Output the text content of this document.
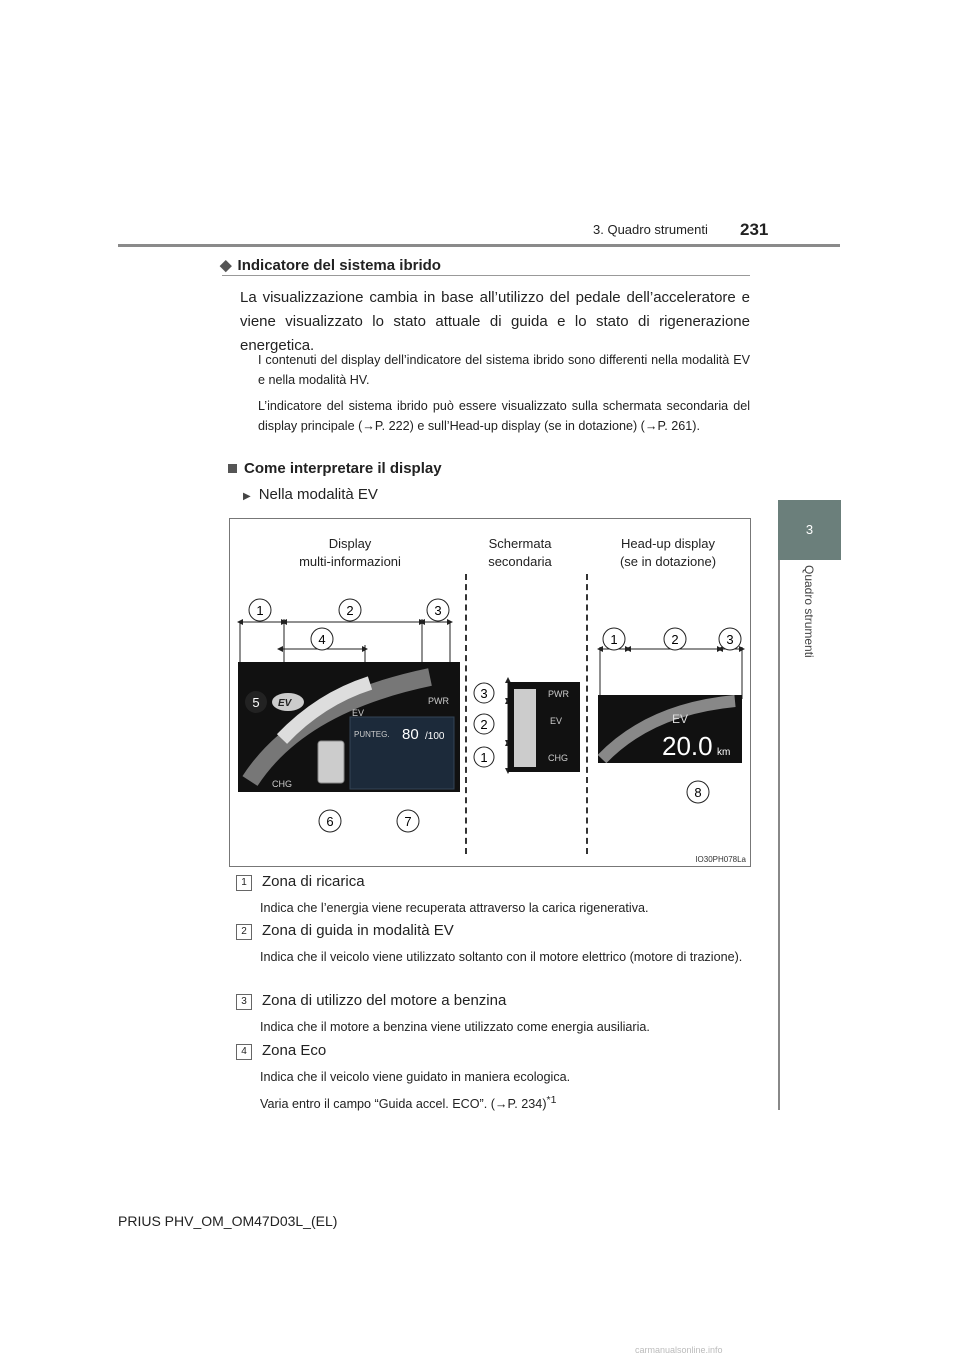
3. Quadro strumenti 231
3
Quadro strumenti
◆ Indicatore del sistema ibrido
La visualizzazione cambia in base all’utilizzo del pedale dell’acceleratore e viene visualizzato lo stato attuale di guida e lo stato di rigenerazione energetica.
I contenuti del display dell’indicatore del sistema ibrido sono differenti nella modalità EV e nella modalità HV.
L’indicatore del sistema ibrido può essere visualizzato sulla schermata secondaria del display principale (→P. 222) e sull’Head-up display (se in dotazione) (→P. 261).
Come interpretare il display
▶ Nella modalità EV
Display
multi-informazioni
Schermata
secondaria
Head-up display
(se in dotazione)
EV	PWR
EV
CHG
PUNTEG. 80 /100
PWR
EV
CHG
EV
20.0 km
1	2	3
4
5
6	7
8
1	2	3
3
2
1
IO30PH078La
1 Zona di ricarica
Indica che l’energia viene recuperata attraverso la carica rigenerativa.
2 Zona di guida in modalità EV
Indica che il veicolo viene utilizzato soltanto con il motore elettrico (motore di trazione).
3 Zona di utilizzo del motore a benzina
Indica che il motore a benzina viene utilizzato come energia ausiliaria.
4 Zona Eco
Indica che il veicolo viene guidato in maniera ecologica.
Varia entro il campo “Guida accel. ECO”. (→P. 234)$^{*1}$
PRIUS PHV_OM_OM47D03L_(EL)
carmanualsonline.info
